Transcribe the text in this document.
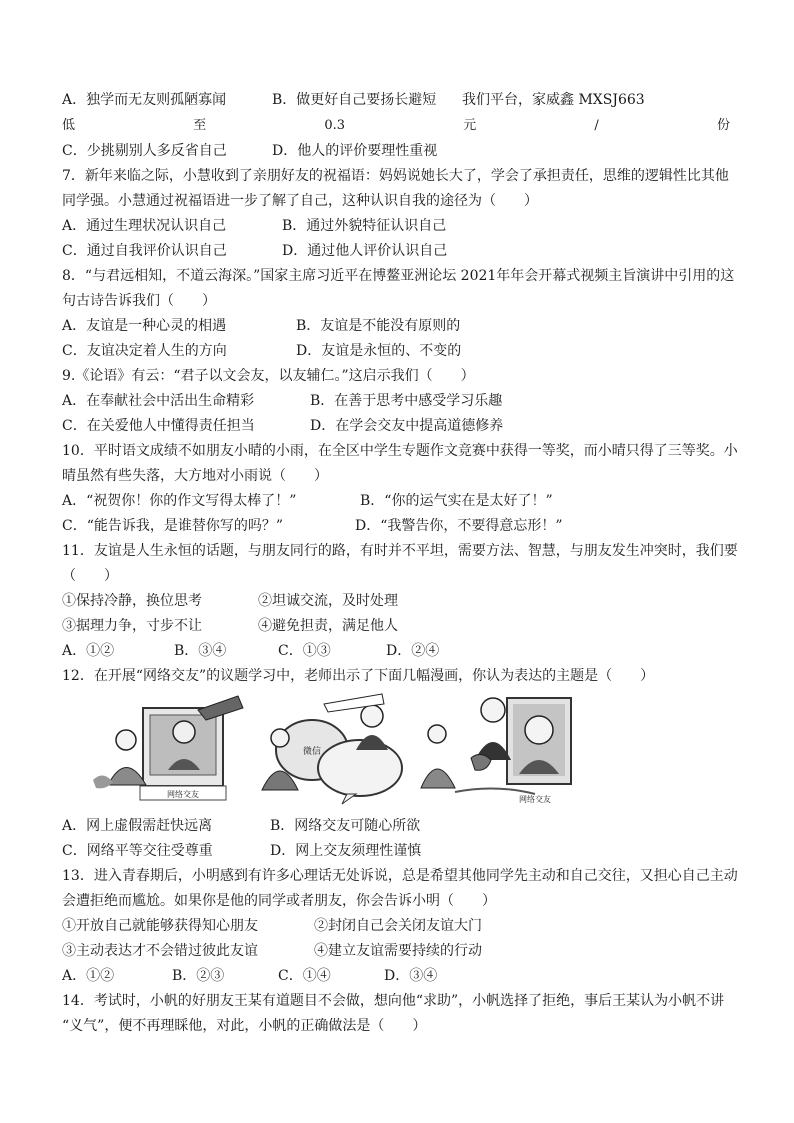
A．独学而无友则孤陋寡闻	B．做更好自己要扬长避短 我们平台，家威鑫 MXSJ663
低	至	0.3	元	/	份
C．少挑剔别人多反省自己	D．他人的评价要理性重视
7．新年来临之际，小慧收到了亲朋好友的祝福语：妈妈说她长大了，学会了承担责任，思维的逻辑性比其他
同学强。小慧通过祝福语进一步了解了自己，这种认识自我的途径为（　　）
A．通过生理状况认识自己	B．通过外貌特征认识自己
C．通过自我评价认识自己	D．通过他人评价认识自己
8．“与君远相知，不道云海深。”国家主席习近平在博鳌亚洲论坛 2021年年会开幕式视频主旨演讲中引用的这
句古诗告诉我们（　　）
A．友谊是一种心灵的相遇	B．友谊是不能没有原则的
C．友谊决定着人生的方向	D．友谊是永恒的、不变的
9.《论语》有云：“君子以文会友，以友辅仁。”这启示我们（　　）
A．在奉献社会中活出生命精彩	B．在善于思考中感受学习乐趣
C．在关爱他人中懂得责任担当	D．在学会交友中提高道德修养
10．平时语文成绩不如朋友小晴的小雨，在全区中学生专题作文竞赛中获得一等奖，而小晴只得了三等奖。小
晴虽然有些失落，大方地对小雨说（　　）
A．“祝贺你！你的作文写得太棒了！”	B．“你的运气实在是太好了！”
C．“能告诉我，是谁替你写的吗？”	D．“我警告你，不要得意忘形！”
11．友谊是人生永恒的话题，与朋友同行的路，有时并不平坦，需要方法、智慧，与朋友发生冲突时，我们要
（　　）
①保持冷静，换位思考	②坦诚交流，及时处理
③据理力争，寸步不让	④避免担责，满足他人
A．①②	B．③④	C．①③	D．②④
12．在开展“网络交友”的议题学习中，老师出示了下面几幅漫画，你认为表达的主题是（　　）
网络交友
微信
网络交友
A．网上虚假需赶快远离	B．网络交友可随心所欲
C．网络平等交往受尊重	D．网上交友须理性谨慎
13．进入青春期后，小明感到有许多心理话无处诉说，总是希望其他同学先主动和自己交往，又担心自己主动
会遭拒绝而尴尬。如果你是他的同学或者朋友，你会告诉小明（　　）
①开放自己就能够获得知心朋友	②封闭自己会关闭友谊大门
③主动表达才不会错过彼此友谊	④建立友谊需要持续的行动
A．①②	B．②③	C．①④	D．③④
14．考试时，小帆的好朋友王某有道题目不会做，想向他“求助”，小帆选择了拒绝，事后王某认为小帆不讲
“义气”，便不再理睬他，对此，小帆的正确做法是（　　）
